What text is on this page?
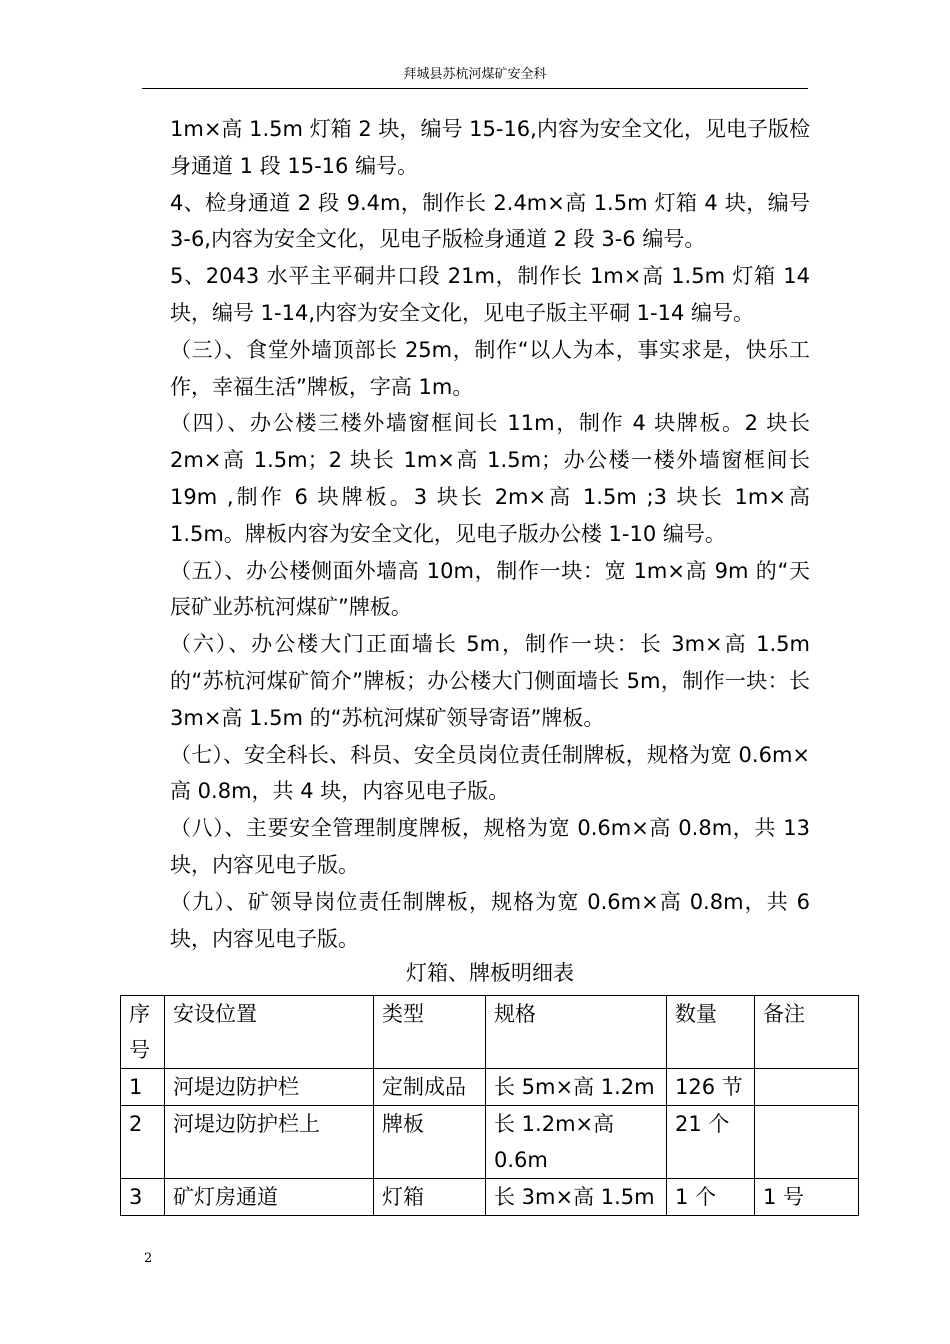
拜城县苏杭河煤矿安全科

1m×高 1.5m 灯箱 2 块，编号 15-16,内容为安全文化，见电子版检身通道 1 段 15-16 编号。

4、检身通道 2 段 9.4m，制作长 2.4m×高 1.5m 灯箱 4 块，编号 3-6,内容为安全文化，见电子版检身通道 2 段 3-6 编号。

5、2043 水平主平硐井口段 21m，制作长 1m×高 1.5m 灯箱 14 块，编号 1-14,内容为安全文化，见电子版主平硐 1-14 编号。

（三）、食堂外墙顶部长 25m，制作“以人为本，事实求是，快乐工作，幸福生活”牌板，字高 1m。

（四）、办公楼三楼外墙窗框间长 11m，制作 4 块牌板。2 块长 2m×高 1.5m；2 块长 1m×高 1.5m；办公楼一楼外墙窗框间长 19m ,制作 6 块牌板。3 块长 2m×高 1.5m ;3 块长 1m×高 1.5m。牌板内容为安全文化，见电子版办公楼 1-10 编号。

（五）、办公楼侧面外墙高 10m，制作一块：宽 1m×高 9m 的“天辰矿业苏杭河煤矿”牌板。

（六）、办公楼大门正面墙长 5m，制作一块：长 3m×高 1.5m 的“苏杭河煤矿简介”牌板；办公楼大门侧面墙长 5m，制作一块：长 3m×高 1.5m 的“苏杭河煤矿领导寄语”牌板。

（七）、安全科长、科员、安全员岗位责任制牌板，规格为宽 0.6m×高 0.8m，共 4 块，内容见电子版。

（八）、主要安全管理制度牌板，规格为宽 0.6m×高 0.8m，共 13 块，内容见电子版。

（九）、矿领导岗位责任制牌板，规格为宽 0.6m×高 0.8m，共 6 块，内容见电子版。

灯箱、牌板明细表
序号	安设位置	类型	规格	数量	备注
1	河堤边防护栏	定制成品	长 5m×高 1.2m	126 节	
2	河堤边防护栏上	牌板	长 1.2m×高 0.6m	21 个	
3	矿灯房通道	灯箱	长 3m×高 1.5m	1 个	1 号
2
